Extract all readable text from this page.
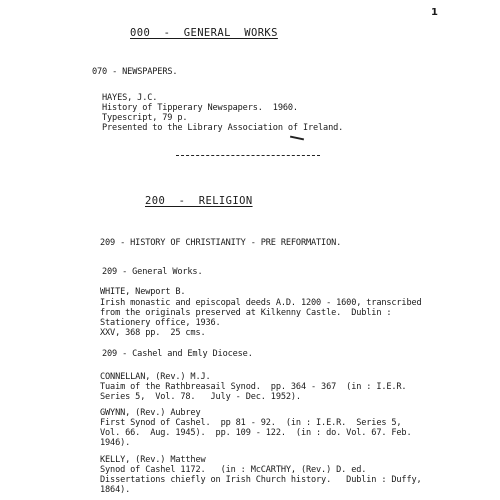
1
000  -  GENERAL  WORKS
070 - NEWSPAPERS.
HAYES, J.C.
History of Tipperary Newspapers.  1960.
Typescript, 79 p.
Presented to the Library Association of Ireland.
200  -  RELIGION
209 - HISTORY OF CHRISTIANITY - PRE REFORMATION.
209 - General Works.
WHITE, Newport B.
Irish monastic and episcopal deeds A.D. 1200 - 1600, transcribed
from the originals preserved at Kilkenny Castle.  Dublin :
Stationery office, 1936.
XXV, 368 pp.  25 cms.
209 - Cashel and Emly Diocese.
CONNELLAN, (Rev.) M.J.
Tuaim of the Rathbreasail Synod.  pp. 364 - 367  (in : I.E.R.
Series 5,  Vol. 78.   July - Dec. 1952).
GWYNN, (Rev.) Aubrey
First Synod of Cashel.  pp 81 - 92.  (in : I.E.R.  Series 5,
Vol. 66.  Aug. 1945).  pp. 109 - 122.  (in : do. Vol. 67. Feb.
1946).
KELLY, (Rev.) Matthew
Synod of Cashel 1172.   (in : McCARTHY, (Rev.) D. ed.
Dissertations chiefly on Irish Church history.   Dublin : Duffy,
1864).
